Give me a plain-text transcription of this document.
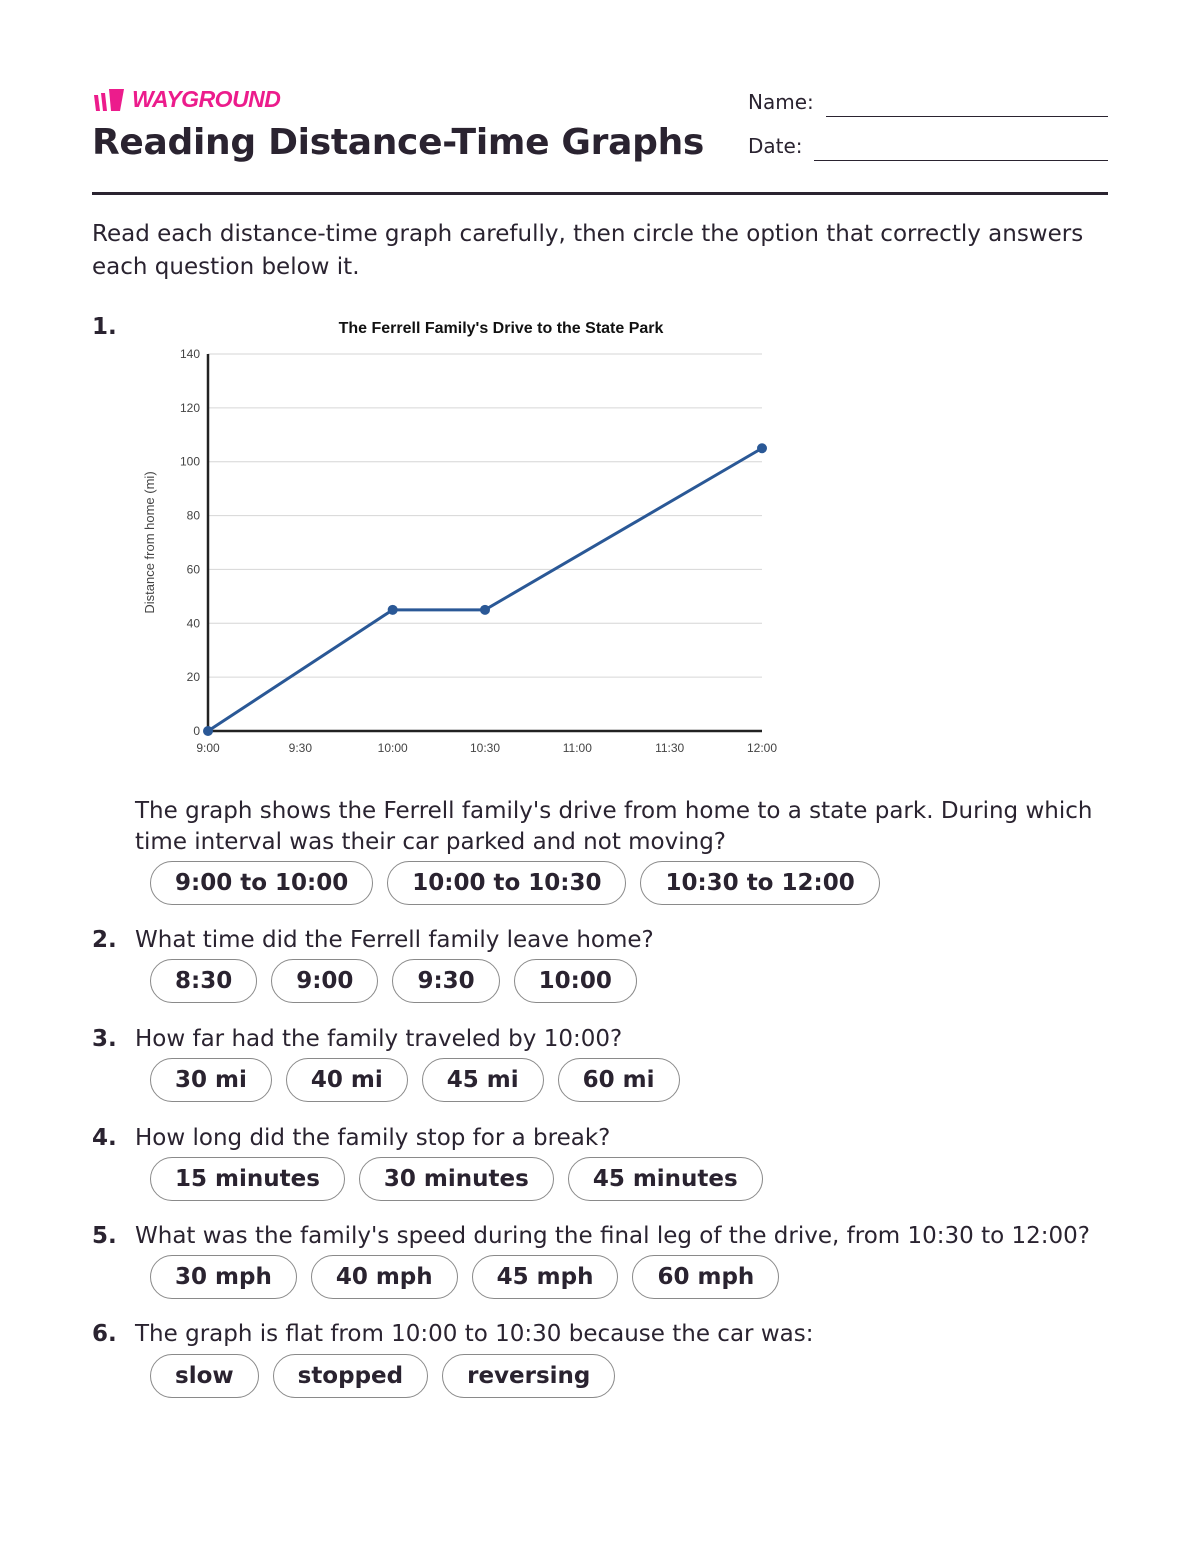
WAYGROUND
Reading Distance-Time Graphs
Name:
Date:
Read each distance-time graph carefully, then circle the option that correctly answers each question below it.
1.	The Ferrell Family's Drive to the State Park
0
20
40
60
80
100
120
140
9:00	9:30	10:00	10:30	11:00	11:30	12:00
Distance from home (mi)
The graph shows the Ferrell family's drive from home to a state park. During which time interval was their car parked and not moving?
9:00 to 10:00	10:00 to 10:30	10:30 to 12:00
2. What time did the Ferrell family leave home?
8:30	9:00	9:30	10:00
3. How far had the family traveled by 10:00?
30 mi	40 mi	45 mi	60 mi
4. How long did the family stop for a break?
15 minutes	30 minutes	45 minutes
5. What was the family's speed during the final leg of the drive, from 10:30 to 12:00?
30 mph	40 mph	45 mph	60 mph
6. The graph is flat from 10:00 to 10:30 because the car was:
slow	stopped	reversing
